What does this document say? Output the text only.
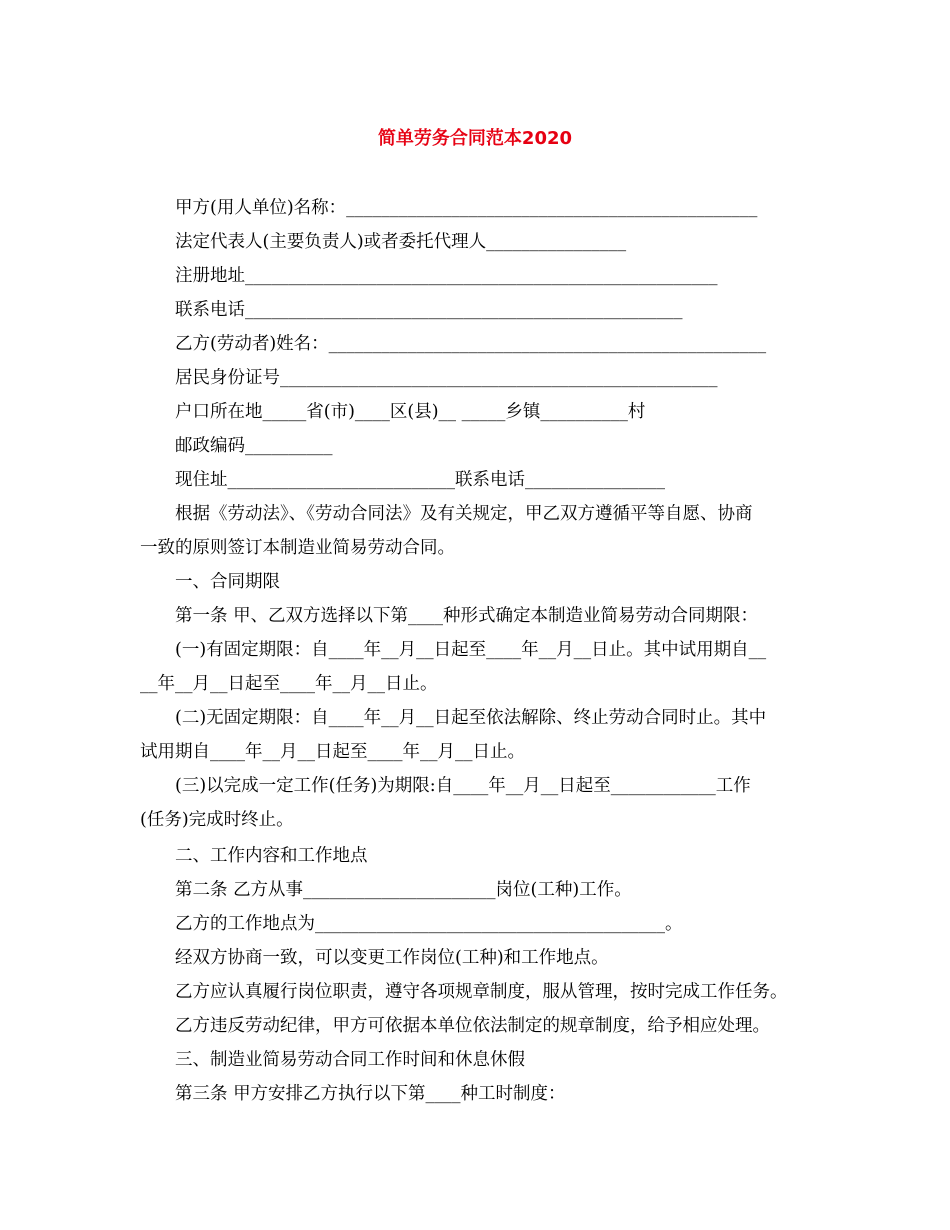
简单劳务合同范本2020
甲方(用人单位)名称：_______________________________________________
法定代表人(主要负责人)或者委托代理人________________
注册地址______________________________________________________
联系电话__________________________________________________
乙方(劳动者)姓名：__________________________________________________
居民身份证号__________________________________________________
户口所在地_____省(市)____区(县)__ _____乡镇__________村
邮政编码__________
现住址__________________________联系电话________________
根据《劳动法》、《劳动合同法》及有关规定，甲乙双方遵循平等自愿、协商
一致的原则签订本制造业简易劳动合同。
一、合同期限
第一条 甲、乙双方选择以下第____种形式确定本制造业简易劳动合同期限：
(一)有固定期限：自____年__月__日起至____年__月__日止。其中试用期自__
__年__月__日起至____年__月__日止。
(二)无固定期限：自____年__月__日起至依法解除、终止劳动合同时止。其中
试用期自____年__月__日起至____年__月__日止。
(三)以完成一定工作(任务)为期限:自____年__月__日起至____________工作
(任务)完成时终止。
二、工作内容和工作地点
第二条 乙方从事______________________岗位(工种)工作。
乙方的工作地点为________________________________________。
经双方协商一致，可以变更工作岗位(工种)和工作地点。
乙方应认真履行岗位职责，遵守各项规章制度，服从管理，按时完成工作任务。
乙方违反劳动纪律，甲方可依据本单位依法制定的规章制度，给予相应处理。
三、制造业简易劳动合同工作时间和休息休假
第三条 甲方安排乙方执行以下第____种工时制度：
